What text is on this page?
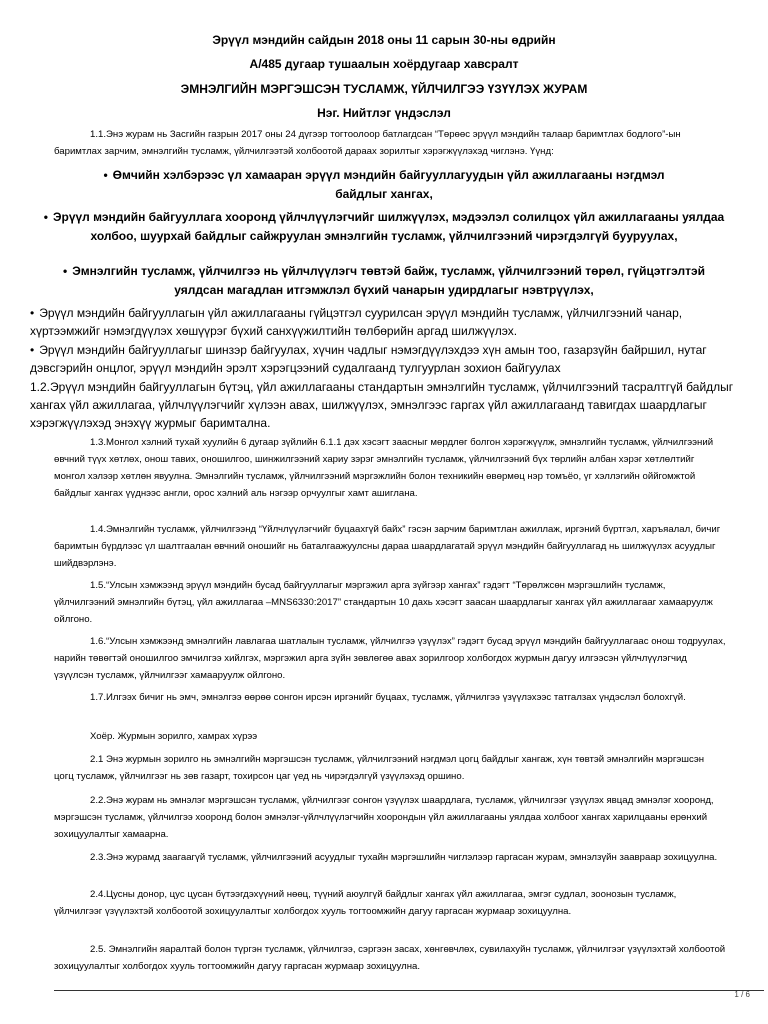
Эрүүл мэндийн сайдын 2018 оны 11 сарын 30-ны өдрийн
А/485 дугаар тушаалын хоёрдугаар хавсралт
ЭМНЭЛГИЙН МЭРГЭШСЭН ТУСЛАМЖ, ҮЙЛЧИЛГЭЭ ҮЗҮҮЛЭХ ЖУРАМ
Нэг. Нийтлэг үндэслэл
1.1.Энэ журам нь Засгийн газрын 2017 оны 24 дүгээр тогтоолоор батлагдсан “Төрөөс эрүүл мэндийн талаар баримтлах бодлого”-ын баримтлах зарчим, эмнэлгийн тусламж, үйлчилгээтэй холбоотой дараах зорилтыг хэрэгжүүлэхэд чиглэнэ. Үүнд:
• Өмчийн хэлбэрээс үл хамааран эрүүл мэндийн байгууллагуудын үйл ажиллагааны нэгдмэл байдлыг хангах,
• Эрүүл мэндийн байгууллага хооронд үйлчлүүлэгчийг шилжүүлэх, мэдээлэл солилцох үйл ажиллагааны уялдаа холбоо, шуурхай байдлыг сайжруулан эмнэлгийн тусламж, үйлчилгээний чирэгдэлгүй бууруулах,
• Эмнэлгийн тусламж, үйлчилгээ нь үйлчлүүлэгч төвтэй байж, тусламж, үйлчилгээний төрөл, гүйцэтгэлтэй уялдсан магадлан итгэмжлэл бүхий чанарын удирдлагыг нэвтрүүлэх,
• Эрүүл мэндийн байгууллагын үйл ажиллагааны гүйцэтгэл суурилсан эрүүл мэндийн тусламж, үйлчилгээний чанар, хүртээмжийг нэмэгдүүлэх хөшүүрэг бүхий санхүүжилтийн төлбөрийн аргад шилжүүлэх.
• Эрүүл мэндийн байгууллагыг шинзэр байгуулах, хүчин чадлыг нэмэгдүүлэхдээ хүн амын тоо, газарзүйн байршил, нутаг дэвсгэрийн онцлог, эрүүл мэндийн эрэлт хэрэгцээний судалгаанд тулгуурлан зохион байгуулах
1.2.Эрүүл мэндийн байгууллагын бүтэц, үйл ажиллагааны стандартын эмнэлгийн тусламж, үйлчилгээний тасралтгүй байдлыг хангах үйл ажиллагаа, үйлчлүүлэгчийг хүлээн авах, шилжүүлэх, эмнэлгээс гаргах үйл ажиллагаанд тавигдах шаардлагыг хэрэгжүүлэхэд энэхүү журмыг баримтална.
1.3.Монгол хэлний тухай хуулийн 6 дугаар зүйлийн 6.1.1 дэх хэсэгт заасныг мөрдлөг болгон хэрэгжүүлж, эмнэлгийн тусламж, үйлчилгээний өвчний түүх хөтлөх, онош тавих, оношилгоо, шинжилгээний хариу зэрэг эмнэлгийн тусламж, үйлчилгээний бүх төрлийн албан хэрэг хөтлөлтийг монгол хэлээр хөтлөн явуулна. Эмнэлгийн тусламж, үйлчилгээний мэргэжлийн болон техникийн өвөрмөц нэр томъёо, үг хэллэгийн оййгомжтой байдлыг хангах үүднээс англи, орос хэлний аль нэгээр орчуулгыг хамт ашиглана.
1.4.Эмнэлгийн тусламж, үйлчилгээнд “Үйлчлүүлэгчийг буцаахгүй байх” гэсэн зарчим баримтлан ажиллаж, иргэний бүртгэл, харъяалал, бичиг баримтын бүрдлээс үл шалтгаалан өвчний оношийг нь баталгаажуулсны дараа шаардлагатай эрүүл мэндийн байгууллагад нь шилжүүлэх асуудлыг шийдвэрлэнэ.
1.5.“Улсын хэмжээнд эрүүл мэндийн бусад байгууллагыг мэргэжил арга зүйгээр хангах” гэдэгт “Төрөлжсөн мэргэшлийн тусламж, үйлчилгээний эмнэлгийн бүтэц, үйл ажиллагаа –MNS6330:2017” стандартын 10 дахь хэсэгт заасан шаардлагыг хангах үйл ажиллагааг хамааруулж ойлгоно.
1.6.“Улсын хэмжээнд эмнэлгийн лавлагаа шатлалын тусламж, үйлчилгээ үзүүлэх” гэдэгт бусад эрүүл мэндийн байгууллагаас онош тодруулах, нарийн төвөгтэй оношилгоо эмчилгээ хийлгэх, мэргэжил арга зүйн зөвлөгөө авах зорилгоор холбогдох журмын дагуу илгээсэн үйлчлүүлэгчид үзүүлсэн тусламж, үйлчилгээг хамааруулж ойлгоно.
1.7.Илгээх бичиг нь эмч, эмнэлгээ өөрөө сонгон ирсэн иргэнийг буцаах, тусламж, үйлчилгээ үзүүлэхээс татгалзах үндэслэл болохгүй.
Хоёр. Журмын зорилго, хамрах хүрээ
2.1 Энэ журмын зорилго нь эмнэлгийн мэргэшсэн тусламж, үйлчилгээний нэгдмэл цогц байдлыг хангаж, хүн төвтэй эмнэлгийн мэргэшсэн цогц тусламж, үйлчилгээг нь зөв газарт, тохирсон цаг үед нь чирэгдэлгүй үзүүлэхэд оршино.
2.2.Энэ журам нь эмнэлэг мэргэшсэн тусламж, үйлчилгээг сонгон үзүүлэх шаардлага, тусламж, үйлчилгээг үзүүлэх явцад эмнэлэг хооронд, мэргэшсэн тусламж, үйлчилгээ хооронд болон эмнэлэг-үйлчлүүлэгчийн хоорондын үйл ажиллагааны уялдаа холбоог хангах харилцааны ерөнхий зохицуулалтыг хамаарна.
2.3.Энэ журамд заагаагүй тусламж, үйлчилгээний асуудлыг тухайн мэргэшлийн чиглэлээр гаргасан журам, эмнэлзүйн заавраар зохицуулна.
2.4.Цусны донор, цус цусан бүтээгдэхүүний нөөц, түүний аюулгүй байдлыг хангах үйл ажиллагаа, эмгэг судлал, зоонозын тусламж, үйлчилгээг үзүүлэхтэй холбоотой зохицуулалтыг холбогдох хууль тогтоомжийн дагуу гаргасан журмаар зохицуулна.
2.5. Эмнэлгийн яаралтай болон түргэн тусламж, үйлчилгээ, сэргээн засах, хөнгөвчлөх, сувилахуйн тусламж, үйлчилгээг үзүүлэхтэй холбоотой зохицуулалтыг холбогдох хууль тогтоомжийн дагуу гаргасан журмаар зохицуулна.
1 / 6
